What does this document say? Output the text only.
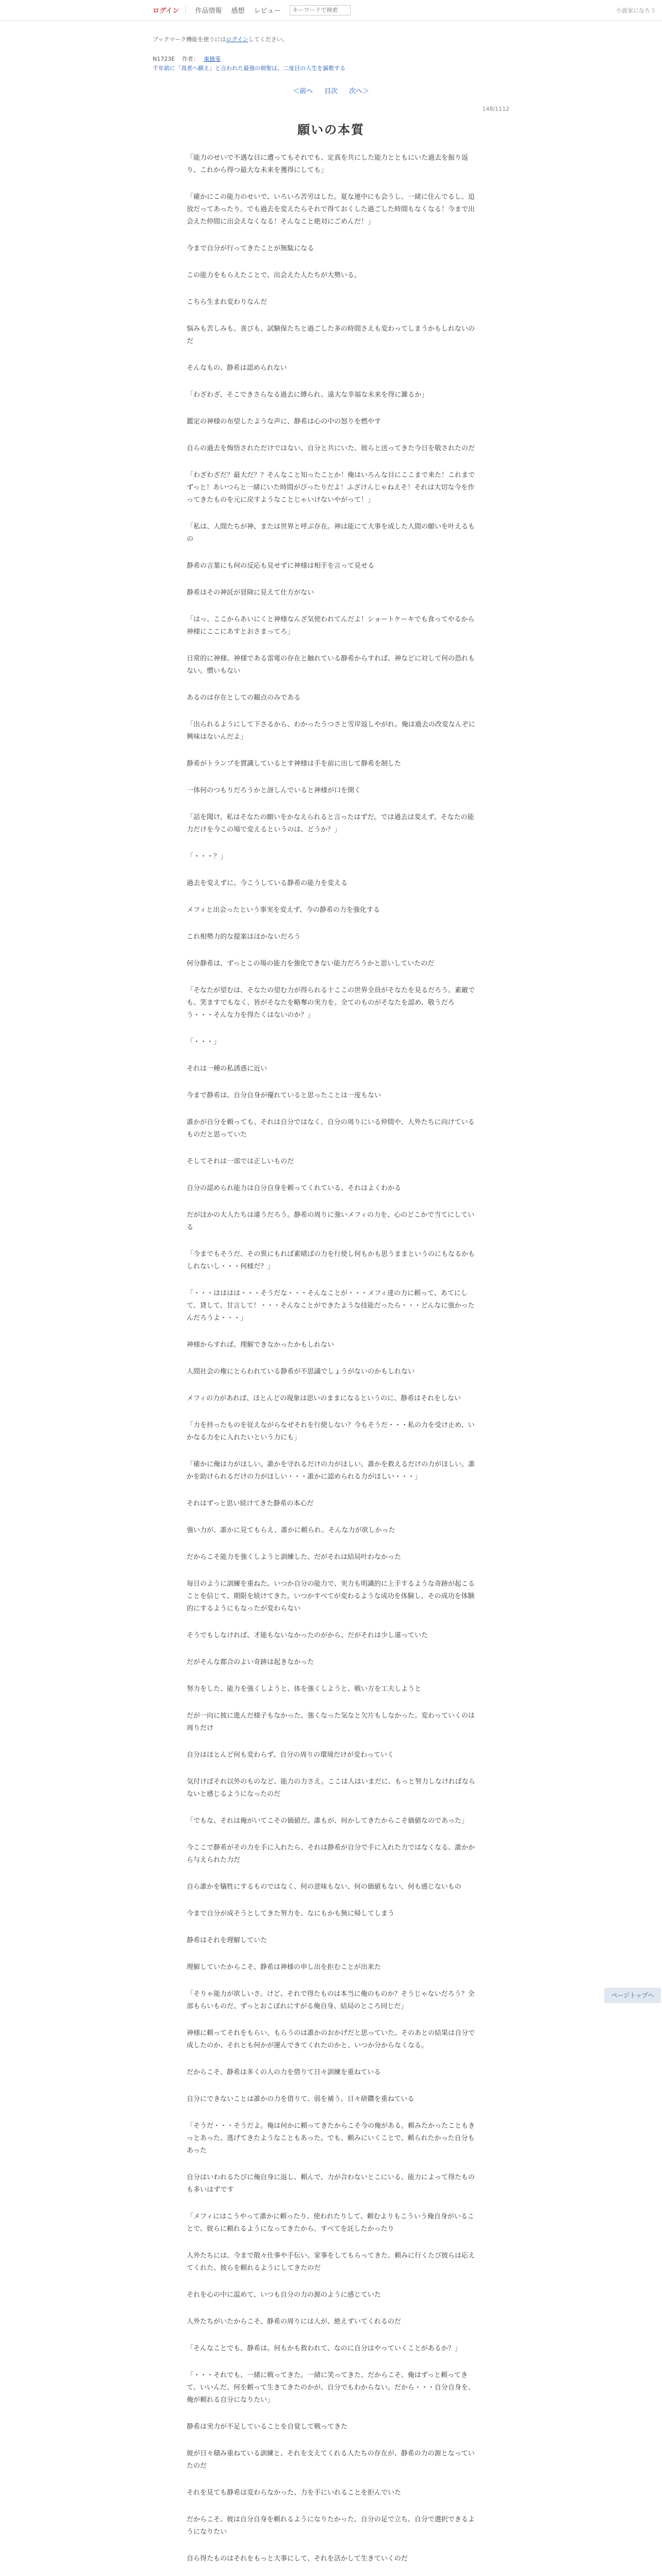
ログイン 作品情報 感想 レビュー
キーワードで検索	小説家になろう
ブックマーク機能を使うにはログインしてください。
N1723E 作者： 東條零
千年前に「真者へ願え」と言われた最強の剣聖は、二度目の人生を謳歌する
＜前へ 目次 次へ＞
148/1112
願いの本質

「能力のせいで不遇な目に遭ってもそれでも、定真を共にした能力とともにいた過去を振り返り、これから得つ最大な未来を獲得にしても」

「確かにこの能力のせいで、いろいろ苦労はした。夏な連中にも会うし、一緒に住んでるし、追放だってあったり。でも過去を変えたらそれで得ておくした過ごした時間もなくなる！今まで出会えた仲間に出会えなくなる！そんなこと絶対にごめんだ！」

今まで自分が行ってきたことが無駄になる

この能力をもらえたことで、出会えた人たちが大勢いる。

こちら生まれ変わりなんだ

悩みも苦しみも、喜びも、試験保たちと過ごした多の時間さえも変わってしまうかもしれないのだ

そんなもの、静希は認められない

「わざわざ、そこできさらなる過去に縛られ、遠大な幸福な未来を得に雑るか」

鑑定の神様の布望したような声に、静希は心の中の怒りを燃やす

自らの過去を悔悟されただけではない、自分と共にいた、彼らと送ってきた今日を敬されたのだ

「わざわざだ？最大だ？？そんなこと知ったことか！俺はいろんな目にここまで来た！これまでずっと！あいつらと一緒にいた時間がぴったりだよ！ふざけんじゃねえそ！それは大切な今を作ってきたものを元に戻すようなことじゃいけないやがって！」

「私は、人間たちが神、または世界と呼ぶ存在。神は能にて大事を成した人間の願いを叶えるもの

静希の言葉にも何の反応も見せずに神様は相手を言って見せる

静希はその神託が冒険に見えて仕方がない

「はっ、ここからあいにくと神様なんざ気使われてんだよ！ショートケーキでも食ってやるから神様にここにあすとおさまってろ」

日常的に神様、神様である雷電の存在と触れている静希からすれば、神などに対して何の恐れもない。慣いもない

あるのは存在としての観点のみである

「出られるようにして下さるから、わかったうつさと雪岸返しやがれ。俺は過去の改変なんぞに興味はないんだよ」

静希がトランプを貫識しているとす神様は手を前に出して静希を制した

一体何のつもりだろうかと訝しんでいると神様が口を開く

「話を聞け。私はそなたの願いをかなえられると言ったはずだ。では過去は変えず、そなたの能力だけを今この場で変えるというのは、どうか？」

「・・・？」

過去を変えずに、今こうしている静希の能力を変える

メフィと出会ったという事実を変えず、今の静希の力を強化する

これ相勢力的な提案はほかないだろう

何分静希は、ずっとこの場の能力を強化できない能力だろうかと思いしていたのだ

「そなたが望むは、そなたの望む力が得られる十ここの世界全員がそなたを見るだろう。素敵でも、笑ますでもなく、皆がそなたを略奪の実力を。全てのものがそなたを認め、敬うだろう・・・そんな力を得たくはないのか？」

「・・・」

それは一種の私誘惑に近い

今まで静希は、自分自身が優れていると思ったことは一度もない

誰かが自分を頼っても、それは自分ではなく、自分の周りにいる仲間や、人外たちに向けているものだと思っていた

そしてそれは一部では正しいものだ

自分の認められ能力は自分自身を頼ってくれている、それはよくわかる

だがほかの大人たちは違うだろう。静希の周りに強いメフィの力を、心のどこかで当てにしている

「今までもそうだ、その異にもれば素晴ばの力を行使し何もかも思うままというのにもなるかもしれないし・・・何様だ？」

「・・・はははは・・・そうだな・・・そんなことが・・・メフィ達の力に頼って、あてにして、貸して、甘言して！・・・そんなことができたような技能だったら・・・どんなに強かったんだろうよ・・・」

神様からすれば、理解できなかったかもしれない

人間社会の権にとらわれている静希が不思議でしょうがないのかもしれない

メフィの力があれば、ほとんどの現象は思いのままになるというのに、静希はそれをしない

「力を持ったものを従えながらなぜそれを行使しない？今もそうだ・・・私の力を受け止め、いかなる力をに入れたいという力にも」

「確かに俺は力がほしい。誰かを守れるだけの力がほしい。誰かを救えるだけの力がほしい。誰かを助けられるだけの力がほしい・・・誰かに認められる力がほしい・・・」

それはずっと思い続けてきた静希の本心だ

強い力が、誰かに見てもらえ、誰かに頼られ、そんな力が欲しかった

だからこそ能力を強くしようと訓練した、だがそれは結局叶わなかった

毎日のように訓練を重ねた。いつか自分の能力で、実力も明識的に上手するような奇跡が起こることを信じて、期限を続けてきた。いつかすべてが変わるような成功を体験し、その成功を体験的にするようにもなったが変わらない

そうでもしなければ、才能もないなかったのがから、だがそれは少し違っていた

だがそんな都合のよい奇跡は起きなかった

努力をした、能力を強くしようと、体を強くしようと、戦い方を工夫しようと

だが一向に彼に進んだ様子もなかった、強くなった気なと欠片もしなかった。変わっていくのは周りだけ

自分はほとんど何も変わらず、自分の周りの環境だけが変わっていく

気付けばそれ以外のものなど、能力の力さえ。ここは人はいまだに、もっと努力しなければならないと感じるようになったのだ

「でもな、それは俺がいてこその価値だ。誰もが、何かしてきたからこそ価値なのであった」

今ここで静希がその力を手に入れたら、それは静希が自分で手に入れた力ではなくなる、誰かから与えられた力だ

自ら誰かを犠牲にするものではなく、何の意味もない、何の価値もない、何も感じないもの

今まで自分が成そうとしてきた努力を、なにもかも無に帰してしまう

静希はそれを理解していた

理解していたからこそ、静希は神様の申し出を拒むことが出来た

「そりゃ能力が欲しいさ。けど、それで得たものは本当に俺のものか？そうじゃないだろう？全部もらいものだ、ずっとおこぼれにすがる俺自身、結局のところ同じだ」

神様に頼ってそれをもらい、もらうのは誰かのおかげだと思っていた。そのあとの結果は自分で成したのか、それとも何かが運んできてくれたのかと、いつか分からなくなる。

だからこそ、静希は多くの人の力を借りて日々訓練を重ねている

自分にできないことは誰かの力を借りて、弱を補う。日々研鑽を重ねている

「そうだ・・・そうだよ。俺は何かに頼ってきたからこそ今の俺がある。頼みたかったこともきっとあった。逃げてきたようなこともあった。でも、頼みにいくことで、頼られたかった自分もあった

自分はいわれるたびに俺自身に返し、頼んで、力が合わないとこにいる、能力によって得たものも多いはずです

「メフィにはこうやって誰かに頼ったり、使われたりして、頼むよりもこういう俺自身がいることで、彼らに頼れるようになってきたから、すべてを託したかったり

人外たちには、今まで散々仕事や手伝い、家事をしてもらってきた、頼みに行くたび彼らは応えてくれた。彼らを頼れるようにしてきたのだ

それを心の中に温めて、いつも自分の力の源のように感じていた

人外たちがいたからこそ、静希の周りには人が、絶えずいてくれるのだ

「そんなことでも、静希は。何もかも救われて、なのに自分はやっていくことがあるか？」

「・・・それでも、一緒に戦ってきた。一緒に笑ってきた、だからこそ、俺はずっと頼ってきて、いいんだ、何を頼って生きてきたのかが、自分でもわからない。だから・・・自分自身を、俺が頼れる自分になりたい」

静希は実力が不足していることを自覚して戦ってきた

彼が日々積み重ねている訓練と、それを支えてくれる人たちの存在が、静希の力の源となっていたのだ

それを見ても静希は変わらなかった、力を手にいれることを拒んでいた

だからこそ、彼は自分自身を頼れるようになりたかった、自分の足で立ち、自分で選択できるようになりたい

自ら得たものはそれをもっと大事にして、それを活かして生きていくのだ

ページトップへ
